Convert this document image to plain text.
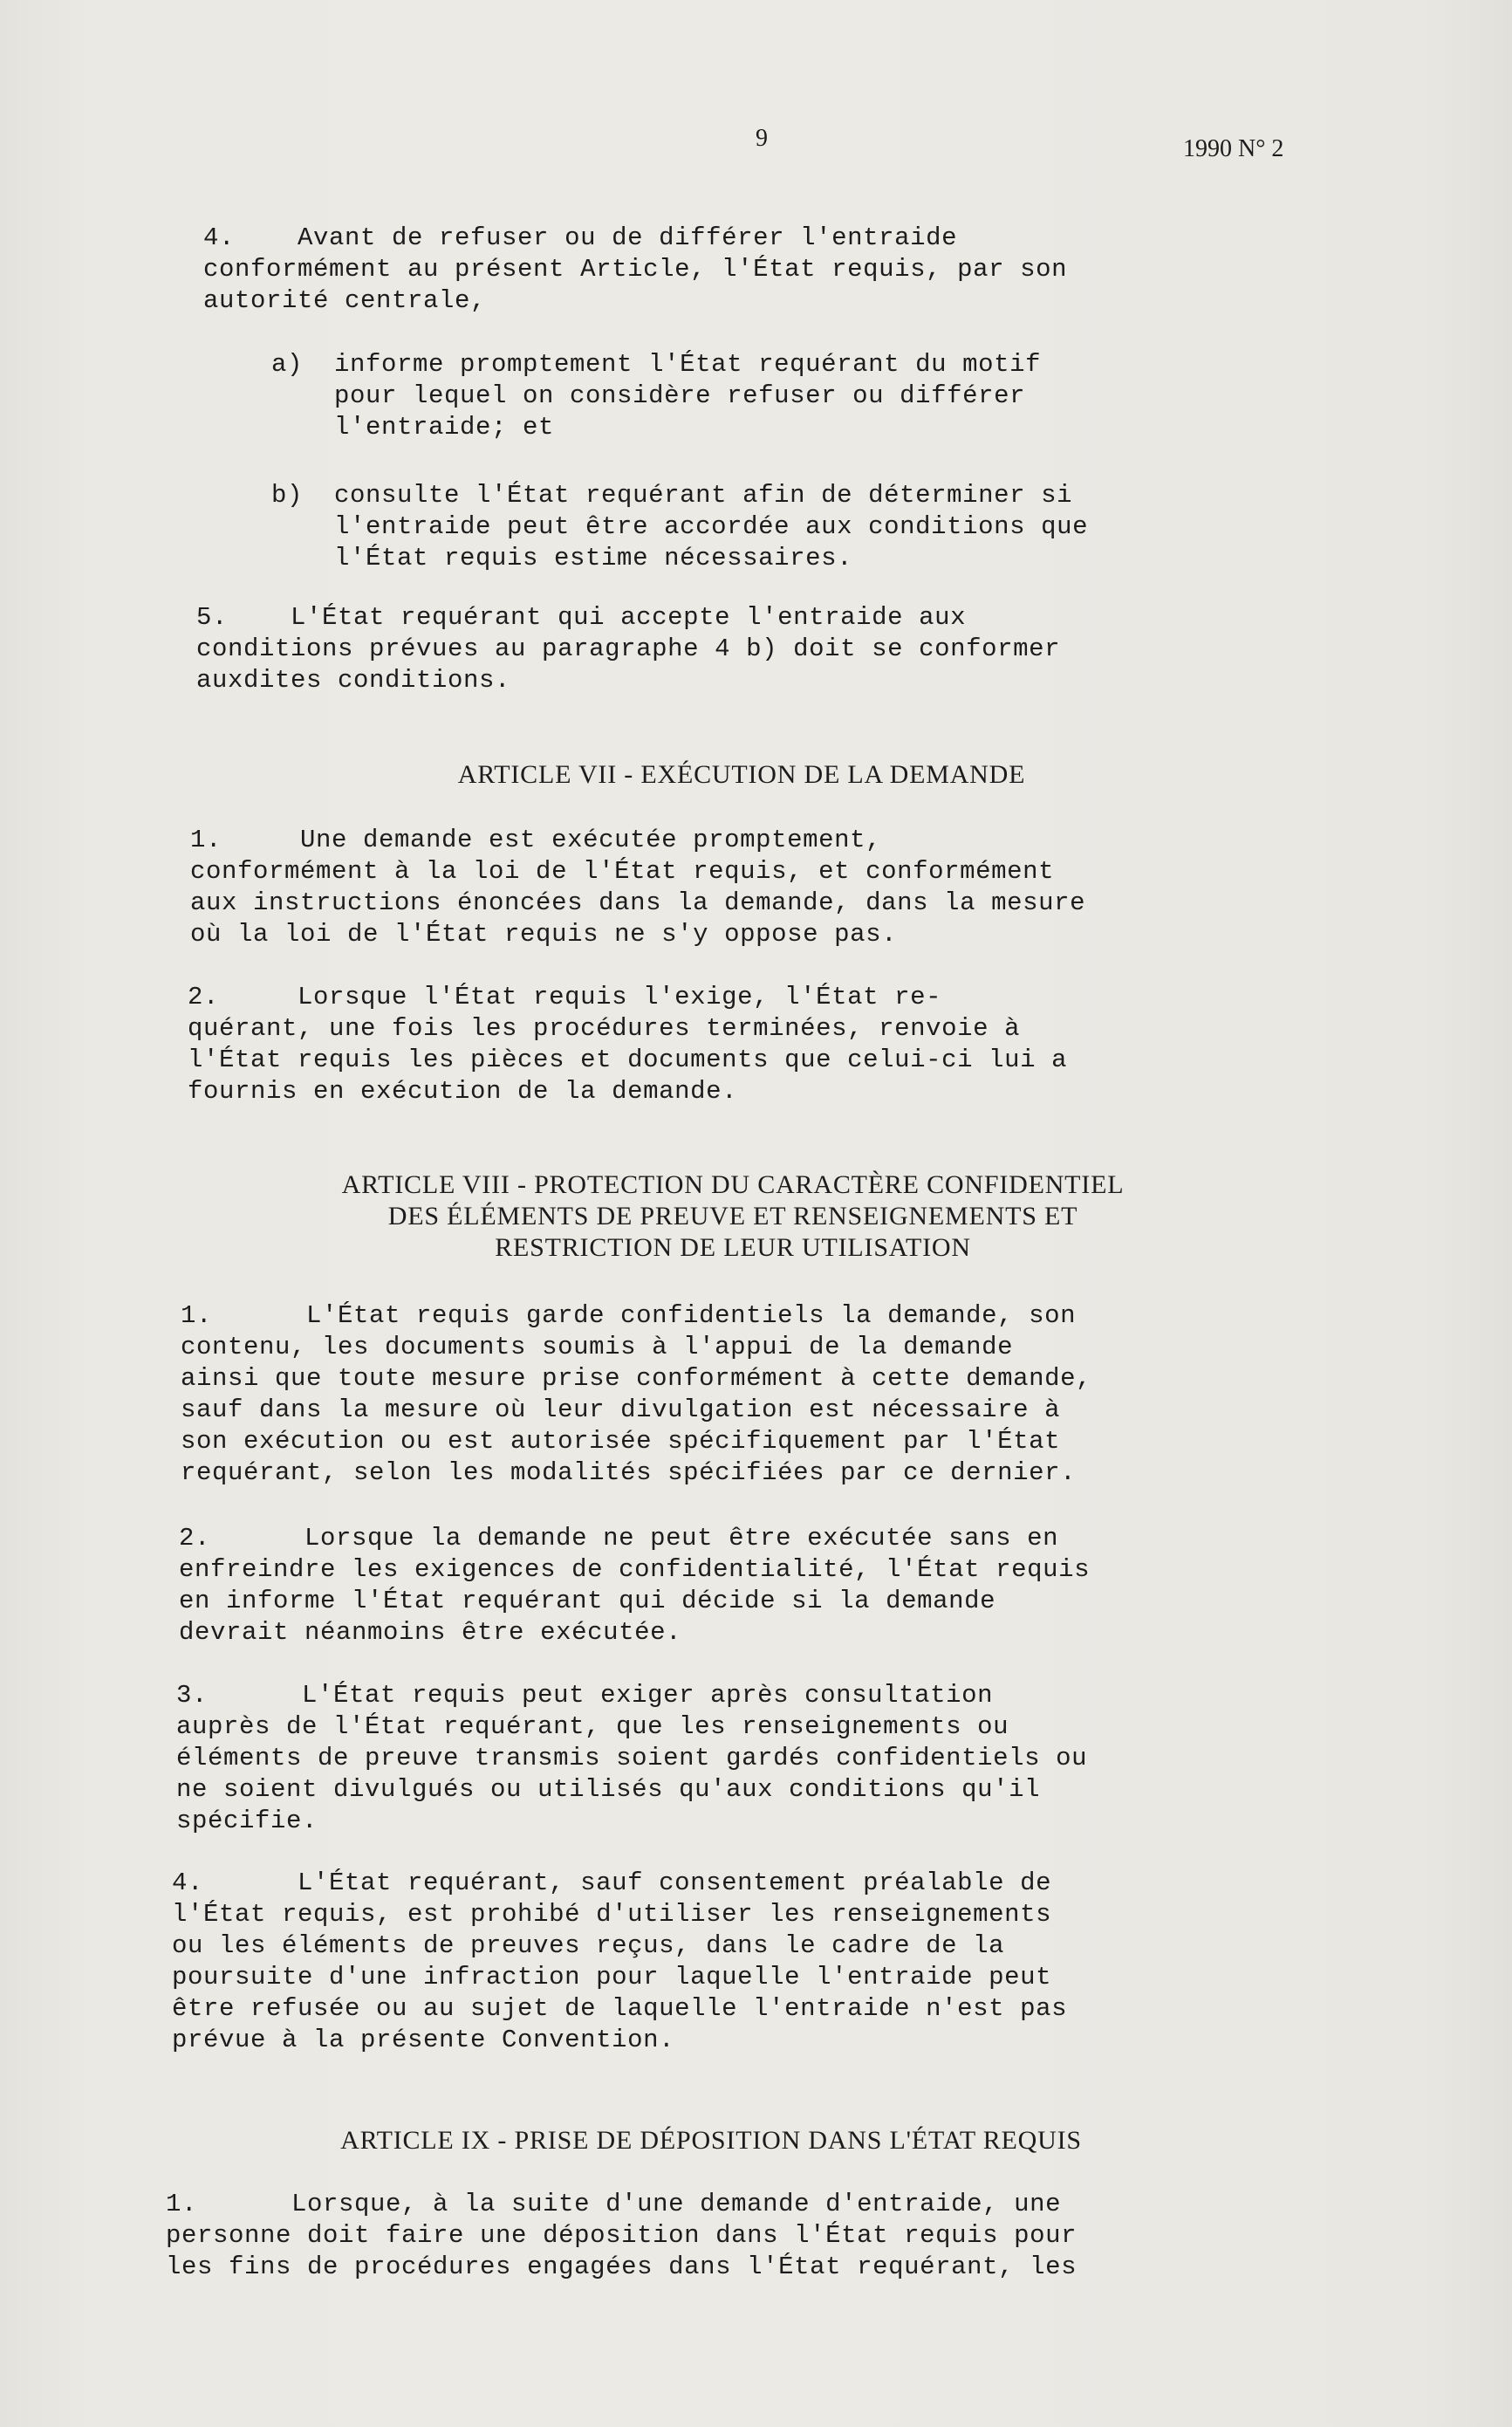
9	1990 N° 2
4.    Avant de refuser ou de différer l'entraide
conformément au présent Article, l'État requis, par son
autorité centrale,
a)  informe promptement l'État requérant du motif
pour lequel on considère refuser ou différer
l'entraide; et
b)  consulte l'État requérant afin de déterminer si
l'entraide peut être accordée aux conditions que
l'État requis estime nécessaires.
5.    L'État requérant qui accepte l'entraide aux
conditions prévues au paragraphe 4 b) doit se conformer
auxdites conditions.
ARTICLE VII - EXÉCUTION DE LA DEMANDE
1.     Une demande est exécutée promptement,
conformément à la loi de l'État requis, et conformément
aux instructions énoncées dans la demande, dans la mesure
où la loi de l'État requis ne s'y oppose pas.
2.     Lorsque l'État requis l'exige, l'État re-
quérant, une fois les procédures terminées, renvoie à
l'État requis les pièces et documents que celui-ci lui a
fournis en exécution de la demande.
ARTICLE VIII - PROTECTION DU CARACTÈRE CONFIDENTIEL
DES ÉLÉMENTS DE PREUVE ET RENSEIGNEMENTS ET
RESTRICTION DE LEUR UTILISATION
1.      L'État requis garde confidentiels la demande, son
contenu, les documents soumis à l'appui de la demande
ainsi que toute mesure prise conformément à cette demande,
sauf dans la mesure où leur divulgation est nécessaire à
son exécution ou est autorisée spécifiquement par l'État
requérant, selon les modalités spécifiées par ce dernier.
2.      Lorsque la demande ne peut être exécutée sans en
enfreindre les exigences de confidentialité, l'État requis
en informe l'État requérant qui décide si la demande
devrait néanmoins être exécutée.
3.      L'État requis peut exiger après consultation
auprès de l'État requérant, que les renseignements ou
éléments de preuve transmis soient gardés confidentiels ou
ne soient divulgués ou utilisés qu'aux conditions qu'il
spécifie.
4.      L'État requérant, sauf consentement préalable de
l'État requis, est prohibé d'utiliser les renseignements
ou les éléments de preuves reçus, dans le cadre de la
poursuite d'une infraction pour laquelle l'entraide peut
être refusée ou au sujet de laquelle l'entraide n'est pas
prévue à la présente Convention.
ARTICLE IX - PRISE DE DÉPOSITION DANS L'ÉTAT REQUIS
1.      Lorsque, à la suite d'une demande d'entraide, une
personne doit faire une déposition dans l'État requis pour
les fins de procédures engagées dans l'État requérant, les
